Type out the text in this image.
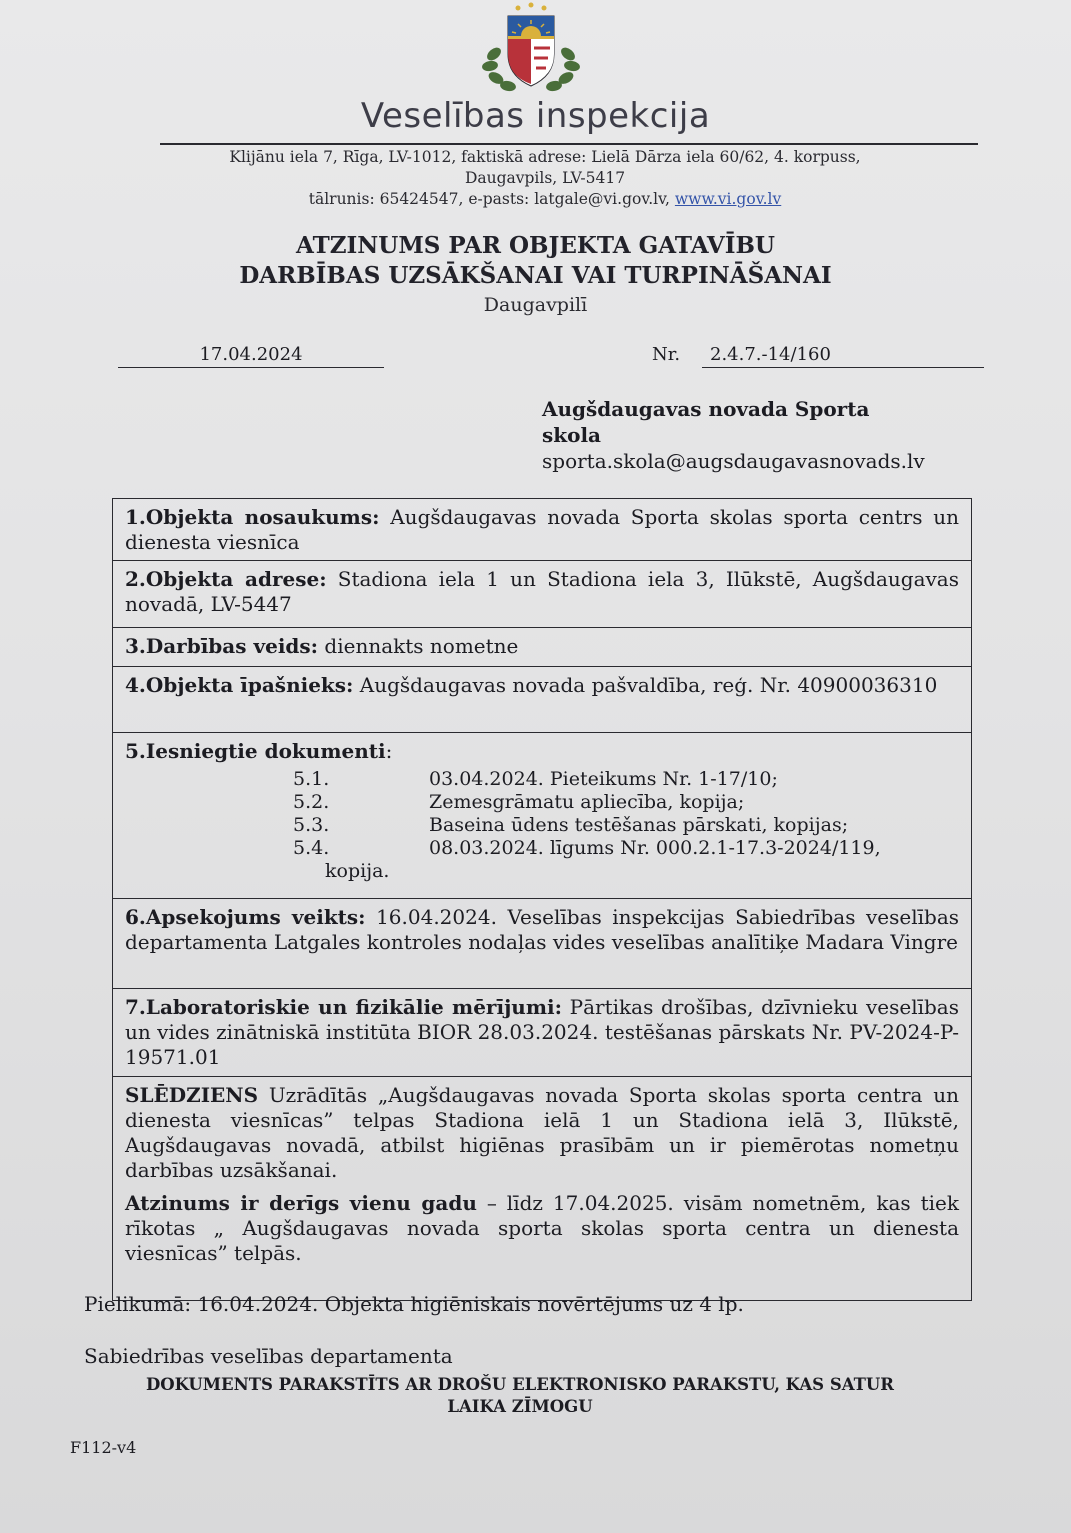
Veselības inspekcija
Klijānu iela 7, Rīga, LV-1012, faktiskā adrese: Lielā Dārza iela 60/62, 4. korpuss,
Daugavpils, LV-5417
tālrunis: 65424547, e-pasts: latgale@vi.gov.lv, www.vi.gov.lv
ATZINUMS PAR OBJEKTA GATAVĪBU
DARBĪBAS UZSĀKŠANAI VAI TURPINĀŠANAI
Daugavpilī
17.04.2024	Nr.	2.4.7.-14/160
Augšdaugavas novada Sporta
skola
sporta.skola@augsdaugavasnovads.lv
1.Objekta nosaukums: Augšdaugavas novada Sporta skolas sporta centrs un dienesta viesnīca
2.Objekta adrese: Stadiona iela 1 un Stadiona iela 3, Ilūkstē, Augšdaugavas novadā, LV-5447
3.Darbības veids: diennakts nometne
4.Objekta īpašnieks: Augšdaugavas novada pašvaldība, reģ. Nr. 40900036310
5.Iesniegtie dokumenti:
5.1.	03.04.2024. Pieteikums Nr. 1-17/10;
5.2.	Zemesgrāmatu apliecība, kopija;
5.3.	Baseina ūdens testēšanas pārskati, kopijas;
5.4.	08.03.2024. līgums Nr. 000.2.1-17.3-2024/119,
kopija.
6.Apsekojums veikts: 16.04.2024. Veselības inspekcijas Sabiedrības veselības departamenta Latgales kontroles nodaļas vides veselības analītiķe Madara Vingre
7.Laboratoriskie un fizikālie mērījumi: Pārtikas drošības, dzīvnieku veselības un vides zinātniskā institūta BIOR 28.03.2024. testēšanas pārskats Nr. PV-2024-P-19571.01

SLĒDZIENS Uzrādītās „Augšdaugavas novada Sporta skolas sporta centra un dienesta viesnīcas” telpas Stadiona ielā 1 un Stadiona ielā 3, Ilūkstē, Augšdaugavas novadā, atbilst higiēnas prasībām un ir piemērotas nometņu darbības uzsākšanai.

Atzinums ir derīgs vienu gadu – līdz 17.04.2025. visām nometnēm, kas tiek rīkotas „ Augšdaugavas novada sporta skolas sporta centra un dienesta viesnīcas” telpās.

Pielikumā: 16.04.2024. Objekta higiēniskais novērtējums uz 4 lp.
Sabiedrības veselības departamenta
DOKUMENTS PARAKSTĪTS AR DROŠU ELEKTRONISKO PARAKSTU, KAS SATUR
LAIKA ZĪMOGU
F112-v4
